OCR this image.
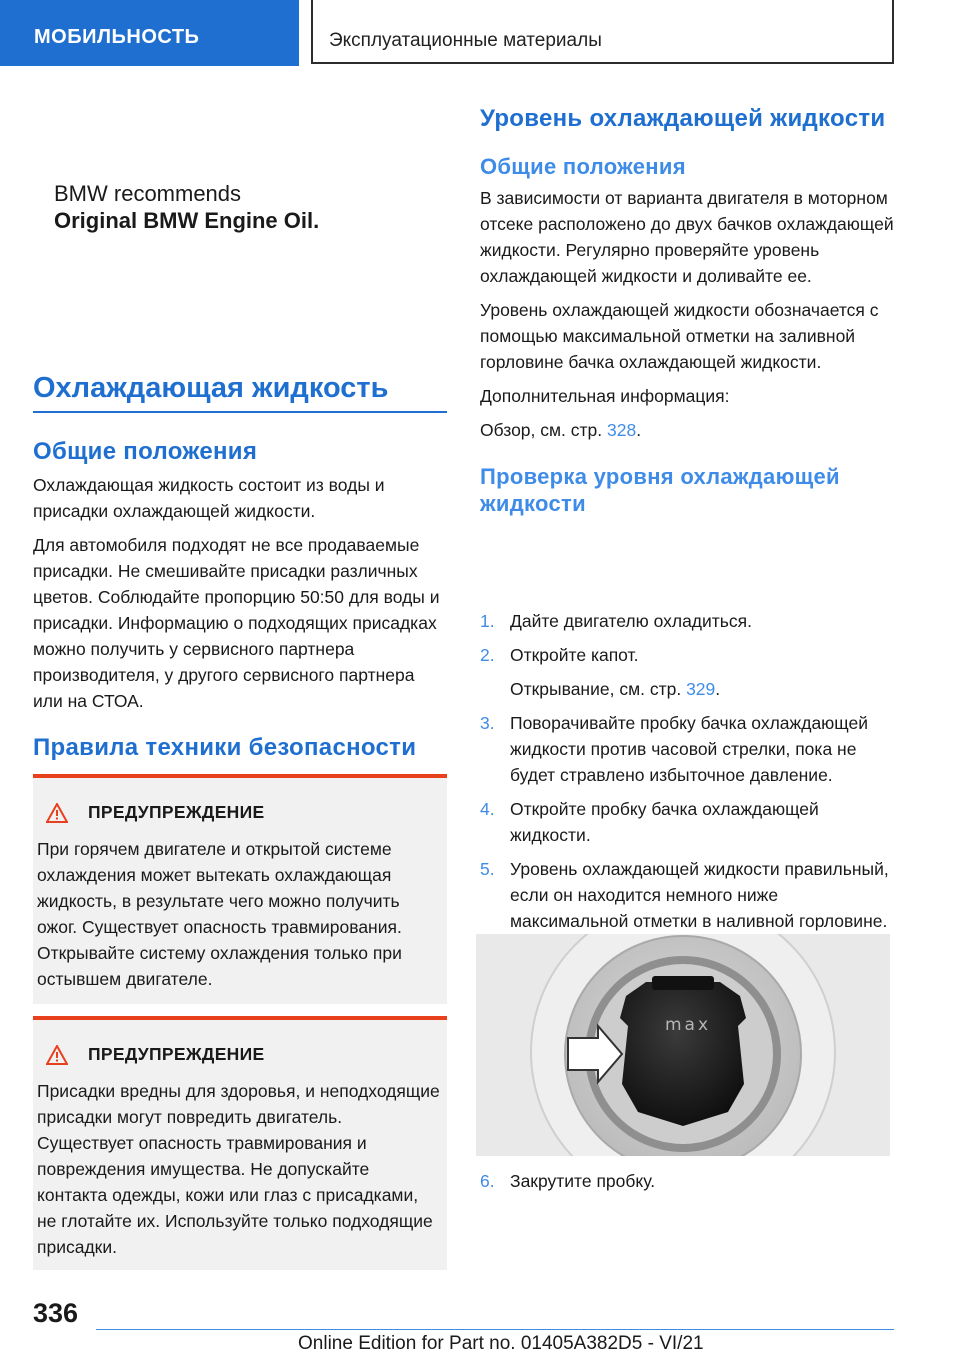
МОБИЛЬНОСТЬ	Эксплуатационные материалы
BMW recommends
Original BMW Engine Oil.
Охлаждающая жидкость
Общие положения

Охлаждающая жидкость состоит из воды и присадки охлаждающей жидкости.

Для автомобиля подходят не все продаваемые присадки. Не смешивайте присадки различных цветов. Соблюдайте пропорцию 50:50 для воды и присадки. Информацию о подходящих присадках можно получить у сервисного партнера производителя, у другого сервисного партнера или на СТОА.

Правила техники безопасности
ПРЕДУПРЕЖДЕНИЕ
При горячем двигателе и открытой системе охлаждения может вытекать охлаждающая жидкость, в результате чего можно получить ожог. Существует опасность травмирования. Открывайте систему охлаждения только при остывшем двигателе.
ПРЕДУПРЕЖДЕНИЕ
Присадки вредны для здоровья, и неподходящие присадки могут повредить двигатель. Существует опасность травмирования и повреждения имущества. Не допускайте контакта одежды, кожи или глаз с присадками, не глотайте их. Используйте только подходящие присадки.
Уровень охлаждающей жидкости
Общие положения

В зависимости от варианта двигателя в моторном отсеке расположено до двух бачков охлаждающей жидкости. Регулярно проверяйте уровень охлаждающей жидкости и доливайте ее.

Уровень охлаждающей жидкости обозначается с помощью максимальной отметки на заливной горловине бачка охлаждающей жидкости.

Дополнительная информация:

Обзор, см. стр. 328.

Проверка уровня охлаждающей жидкости
1. Дайте двигателю охладиться.
2. Откройте капот.
Открывание, см. стр. 329.
3. Поворачивайте пробку бачка охлаждающей жидкости против часовой стрелки, пока не будет стравлено избыточное давление.
4. Откройте пробку бачка охлаждающей жидкости.
5. Уровень охлаждающей жидкости правильный, если он находится немного ниже максимальной отметки в наливной горловине.
max
6. Закрутите пробку.
336
Online Edition for Part no. 01405A382D5 - VI/21
